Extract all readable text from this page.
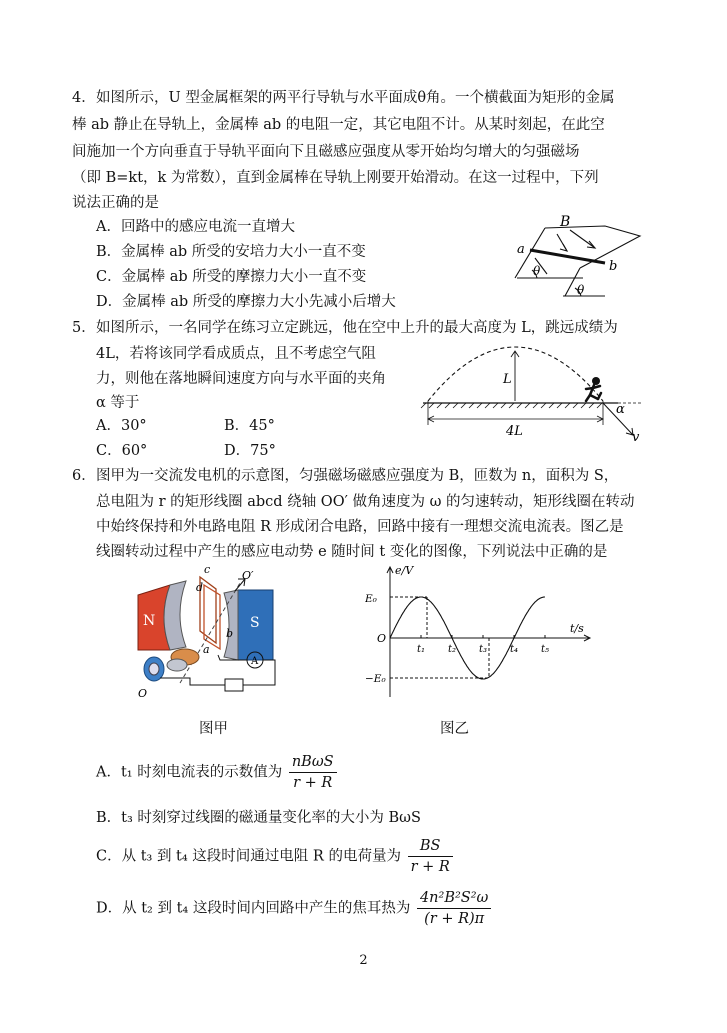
4． 如图所示，U 型金属框架的两平行导轨与水平面成θ角。一个横截面为矩形的金属
棒 ab 静止在导轨上，金属棒 ab 的电阻一定，其它电阻不计。从某时刻起，在此空
间施加一个方向垂直于导轨平面向下且磁感应强度从零开始均匀增大的匀强磁场
（即 B=kt，k 为常数），直到金属棒在导轨上刚要开始滑动。在这一过程中，下列
说法正确的是
A．回路中的感应电流一直增大
B．金属棒 ab 所受的安培力大小一直不变
C．金属棒 ab 所受的摩擦力大小一直不变
D．金属棒 ab 所受的摩擦力大小先减小后增大
B
a
b
θ
θ
5． 如图所示，一名同学在练习立定跳远，他在空中上升的最大高度为 L，跳远成绩为
4L，若将该同学看成质点，且不考虑空气阻
力，则他在落地瞬间速度方向与水平面的夹角
α 等于
A．30°	B．45°
C．60°	D．75°
L
4L
α
v
6． 图甲为一交流发电机的示意图，匀强磁场磁感应强度为 B，匝数为 n，面积为 S，
总电阻为 r 的矩形线圈 abcd 绕轴 OO′ 做角速度为 ω 的匀速转动，矩形线圈在转动
中始终保持和外电路电阻 R 形成闭合电路，回路中接有一理想交流电流表。图乙是
线圈转动过程中产生的感应电动势 e 随时间 t 变化的图像，下列说法中正确的是
N	S
A
c
d
b
a
O′
O
图甲
E₀
O
−E₀
e/V
t/s
t₁ t₂ t₃ t₄ t₅
图乙
A．t₁ 时刻电流表的示数值为 $\frac{\text{nBωS}}{r + R}$
B．t₃ 时刻穿过线圈的磁通量变化率的大小为 BωS
C．从 t₃ 到 t₄ 这段时间通过电阻 R 的电荷量为 $\frac{BS}{r + R}$
D．从 t₂ 到 t₄ 这段时间内回路中产生的焦耳热为 $\frac{\text{4n²B²S²ω}}{(r + R)\pi}$
2
